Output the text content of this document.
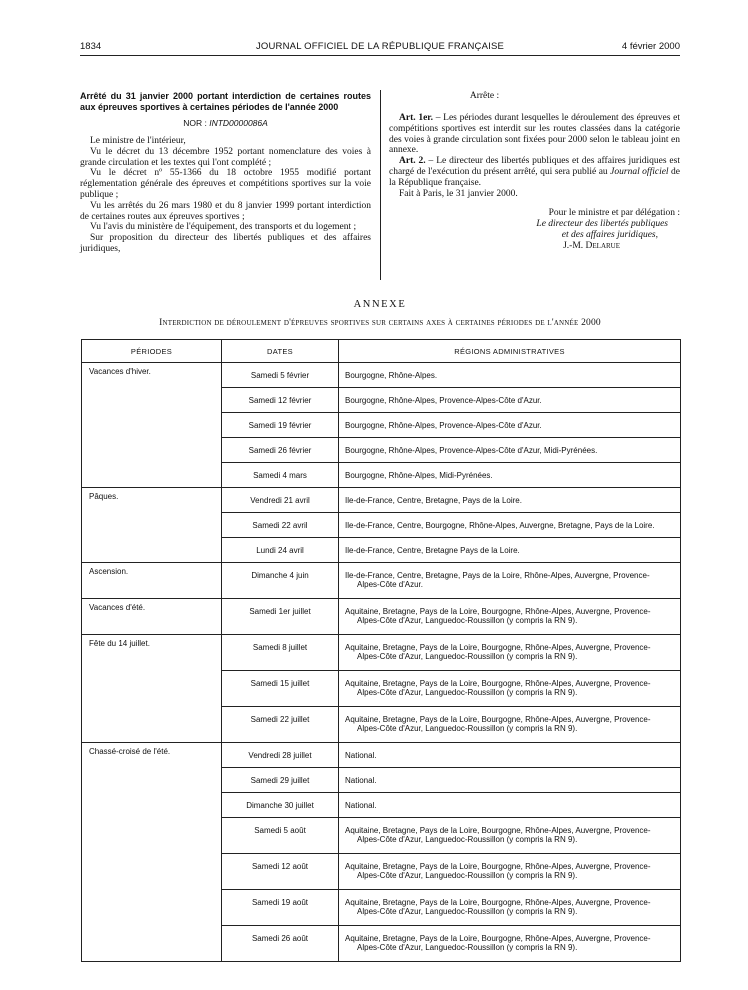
1834	JOURNAL OFFICIEL DE LA RÉPUBLIQUE FRANÇAISE	4 février 2000

Arrêté du 31 janvier 2000 portant interdiction de certaines routes aux épreuves sportives à certaines périodes de l'année 2000

NOR : INTD0000086A

Le ministre de l'intérieur,

Vu le décret du 13 décembre 1952 portant nomenclature des voies à grande circulation et les textes qui l'ont complété ;

Vu le décret nº 55-1366 du 18 octobre 1955 modifié portant réglementation générale des épreuves et compétitions sportives sur la voie publique ;

Vu les arrêtés du 26 mars 1980 et du 8 janvier 1999 portant interdiction de certaines routes aux épreuves sportives ;

Vu l'avis du ministère de l'équipement, des transports et du logement ;

Sur proposition du directeur des libertés publiques et des affaires juridiques,

Arrête :

Art. 1er. – Les périodes durant lesquelles le déroulement des épreuves et compétitions sportives est interdit sur les routes classées dans la catégorie des voies à grande circulation sont fixées pour 2000 selon le tableau joint en annexe.

Art. 2. – Le directeur des libertés publiques et des affaires juridiques est chargé de l'exécution du présent arrêté, qui sera publié au Journal officiel de la République française.

Fait à Paris, le 31 janvier 2000.

Pour le ministre et par délégation :

Le directeur des libertés publiques

et des affaires juridiques,

J.-M. Delarue

ANNEXE
Interdiction de déroulement d'épreuves sportives sur certains axes à certaines périodes de l'année 2000
PÉRIODES	DATES	RÉGIONS ADMINISTRATIVES
Vacances d'hiver.	Samedi 5 février	Bourgogne, Rhône-Alpes.
	Samedi 12 février	Bourgogne, Rhône-Alpes, Provence-Alpes-Côte d'Azur.
	Samedi 19 février	Bourgogne, Rhône-Alpes, Provence-Alpes-Côte d'Azur.
	Samedi 26 février	Bourgogne, Rhône-Alpes, Provence-Alpes-Côte d'Azur, Midi-Pyrénées.
	Samedi 4 mars	Bourgogne, Rhône-Alpes, Midi-Pyrénées.
Pâques.	Vendredi 21 avril	Ile-de-France, Centre, Bretagne, Pays de la Loire.
	Samedi 22 avril	Ile-de-France, Centre, Bourgogne, Rhône-Alpes, Auvergne, Bretagne, Pays de la Loire.
	Lundi 24 avril	Ile-de-France, Centre, Bretagne Pays de la Loire.
Ascension.	Dimanche 4 juin	Ile-de-France, Centre, Bretagne, Pays de la Loire, Rhône-Alpes, Auvergne, Provence-
Alpes-Côte d'Azur.

Vacances d'été.	Samedi 1er juillet	Aquitaine, Bretagne, Pays de la Loire, Bourgogne, Rhône-Alpes, Auvergne, Provence-
Alpes-Côte d'Azur, Languedoc-Roussillon (y compris la RN 9).

Fête du 14 juillet.	Samedi 8 juillet	Aquitaine, Bretagne, Pays de la Loire, Bourgogne, Rhône-Alpes, Auvergne, Provence-
Alpes-Côte d'Azur, Languedoc-Roussillon (y compris la RN 9).

	Samedi 15 juillet	Aquitaine, Bretagne, Pays de la Loire, Bourgogne, Rhône-Alpes, Auvergne, Provence-
Alpes-Côte d'Azur, Languedoc-Roussillon (y compris la RN 9).

	Samedi 22 juillet	Aquitaine, Bretagne, Pays de la Loire, Bourgogne, Rhône-Alpes, Auvergne, Provence-
Alpes-Côte d'Azur, Languedoc-Roussillon (y compris la RN 9).

Chassé-croisé de l'été.	Vendredi 28 juillet	National.
	Samedi 29 juillet	National.
	Dimanche 30 juillet	National.
	Samedi 5 août	Aquitaine, Bretagne, Pays de la Loire, Bourgogne, Rhône-Alpes, Auvergne, Provence-
Alpes-Côte d'Azur, Languedoc-Roussillon (y compris la RN 9).

	Samedi 12 août	Aquitaine, Bretagne, Pays de la Loire, Bourgogne, Rhône-Alpes, Auvergne, Provence-
Alpes-Côte d'Azur, Languedoc-Roussillon (y compris la RN 9).

	Samedi 19 août	Aquitaine, Bretagne, Pays de la Loire, Bourgogne, Rhône-Alpes, Auvergne, Provence-
Alpes-Côte d'Azur, Languedoc-Roussillon (y compris la RN 9).

	Samedi 26 août	Aquitaine, Bretagne, Pays de la Loire, Bourgogne, Rhône-Alpes, Auvergne, Provence-
Alpes-Côte d'Azur, Languedoc-Roussillon (y compris la RN 9).
